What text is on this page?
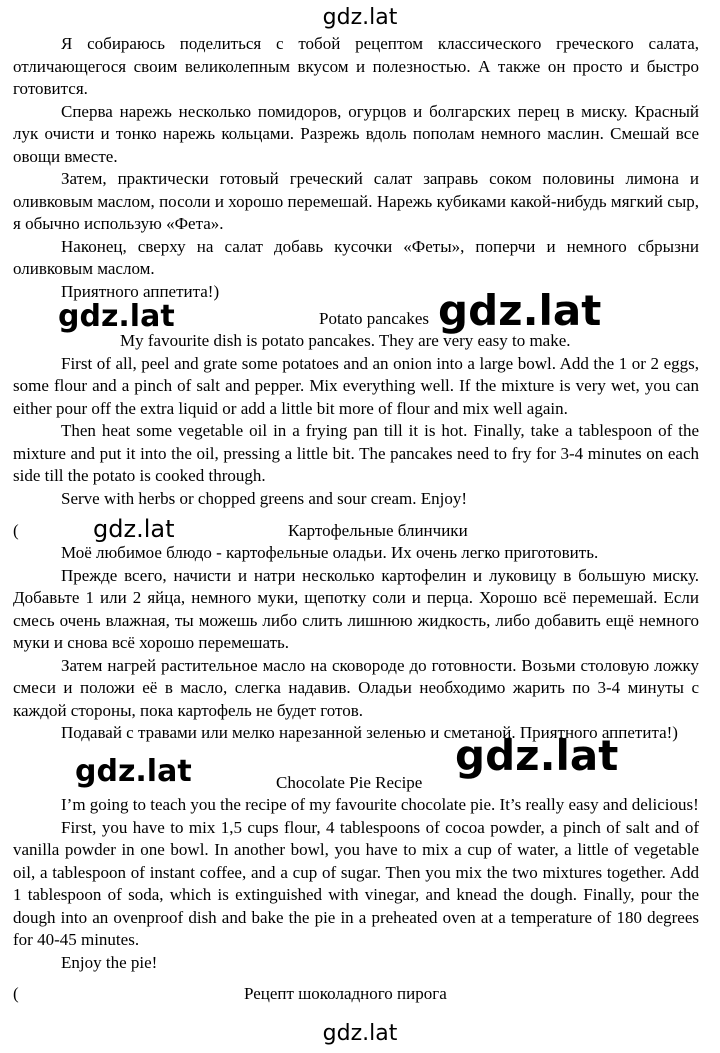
gdz.lat

Я собираюсь поделиться с тобой рецептом классического греческого салата, отличающегося своим великолепным вкусом и полезностью. А также он просто и быстро готовится.

Сперва нарежь несколько помидоров, огурцов и болгарских перец в миску. Красный лук очисти и тонко нарежь кольцами. Разрежь вдоль пополам немного маслин. Смешай все овощи вместе.

Затем, практически готовый греческий салат заправь соком половины лимона и оливковым маслом, посоли и хорошо перемешай. Нарежь кубиками какой-нибудь мягкий сыр, я обычно использую «Фета».

Наконец, сверху на салат добавь кусочки «Феты», поперчи и немного сбрызни оливковым маслом.

Приятного аппетита!)

gdz.lat	Potato pancakes gdz.lat

My favourite dish is potato pancakes. They are very easy to make.

First of all, peel and grate some potatoes and an onion into a large bowl. Add the 1 or 2 eggs, some flour and a pinch of salt and pepper. Mix everything well. If the mixture is very wet, you can either pour off the extra liquid or add a little bit more of flour and mix well again.

Then heat some vegetable oil in a frying pan till it is hot. Finally, take a tablespoon of the mixture and put it into the oil, pressing a little bit. The pancakes need to fry for 3-4 minutes on each side till the potato is cooked through.

Serve with herbs or chopped greens and sour cream. Enjoy!

(	gdz.lat	Картофельные блинчики

Моё любимое блюдо - картофельные оладьи. Их очень легко приготовить.

Прежде всего, начисти и натри несколько картофелин и луковицу в большую миску. Добавьте 1 или 2 яйца, немного муки, щепотку соли и перца. Хорошо всё перемешай. Если смесь очень влажная, ты можешь либо слить лишнюю жидкость, либо добавить ещё немного муки и снова всё хорошо перемешать.

Затем нагрей растительное масло на сковороде до готовности. Возьми столовую ложку смеси и положи её в масло, слегка надавив. Оладьи необходимо жарить по 3-4 минуты с каждой стороны, пока картофель не будет готов.

Подавай с травами или мелко нарезанной зеленью и сметаной. Приятного аппетита!)

gdz.lat	Chocolate Pie Recipe
gdz.lat

I’m going to teach you the recipe of my favourite chocolate pie. It’s really easy and delicious!

First, you have to mix 1,5 cups flour, 4 tablespoons of cocoa powder, a pinch of salt and of vanilla powder in one bowl. In another bowl, you have to mix a cup of water, a little of vegetable oil, a tablespoon of instant coffee, and a cup of sugar. Then you mix the two mixtures together. Add 1 tablespoon of soda, which is extinguished with vinegar, and knead the dough. Finally, pour the dough into an ovenproof dish and bake the pie in a preheated oven at a temperature of 180 degrees for 40-45 minutes.

Enjoy the pie!

(	Рецепт шоколадного пирога
gdz.lat
